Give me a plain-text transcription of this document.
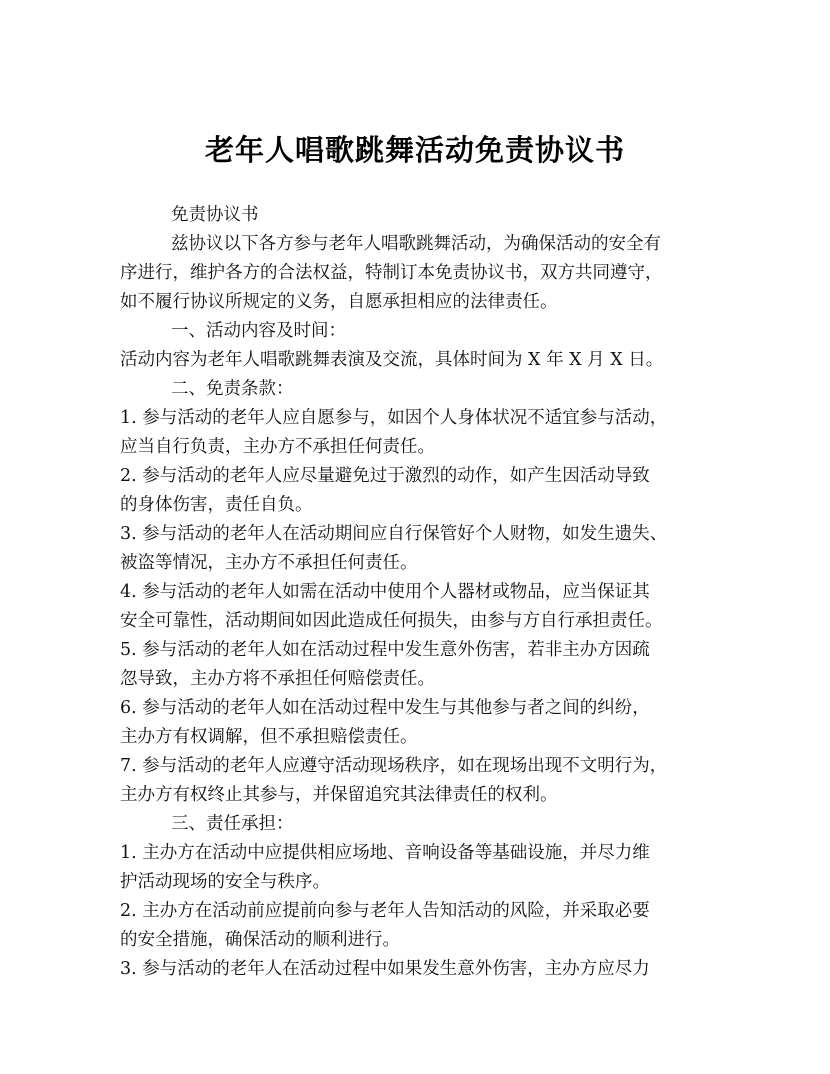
老年人唱歌跳舞活动免责协议书
免责协议书
兹协议以下各方参与老年人唱歌跳舞活动，为确保活动的安全有
序进行，维护各方的合法权益，特制订本免责协议书，双方共同遵守，
如不履行协议所规定的义务，自愿承担相应的法律责任。
一、活动内容及时间：
活动内容为老年人唱歌跳舞表演及交流，具体时间为 X 年 X 月 X 日。
二、免责条款：
1. 参与活动的老年人应自愿参与，如因个人身体状况不适宜参与活动，
应当自行负责，主办方不承担任何责任。
2. 参与活动的老年人应尽量避免过于激烈的动作，如产生因活动导致
的身体伤害，责任自负。
3. 参与活动的老年人在活动期间应自行保管好个人财物，如发生遗失、
被盗等情况，主办方不承担任何责任。
4. 参与活动的老年人如需在活动中使用个人器材或物品，应当保证其
安全可靠性，活动期间如因此造成任何损失，由参与方自行承担责任。
5. 参与活动的老年人如在活动过程中发生意外伤害，若非主办方因疏
忽导致，主办方将不承担任何赔偿责任。
6. 参与活动的老年人如在活动过程中发生与其他参与者之间的纠纷，
主办方有权调解，但不承担赔偿责任。
7. 参与活动的老年人应遵守活动现场秩序，如在现场出现不文明行为，
主办方有权终止其参与，并保留追究其法律责任的权利。
三、责任承担：
1. 主办方在活动中应提供相应场地、音响设备等基础设施，并尽力维
护活动现场的安全与秩序。
2. 主办方在活动前应提前向参与老年人告知活动的风险，并采取必要
的安全措施，确保活动的顺利进行。
3. 参与活动的老年人在活动过程中如果发生意外伤害，主办方应尽力
